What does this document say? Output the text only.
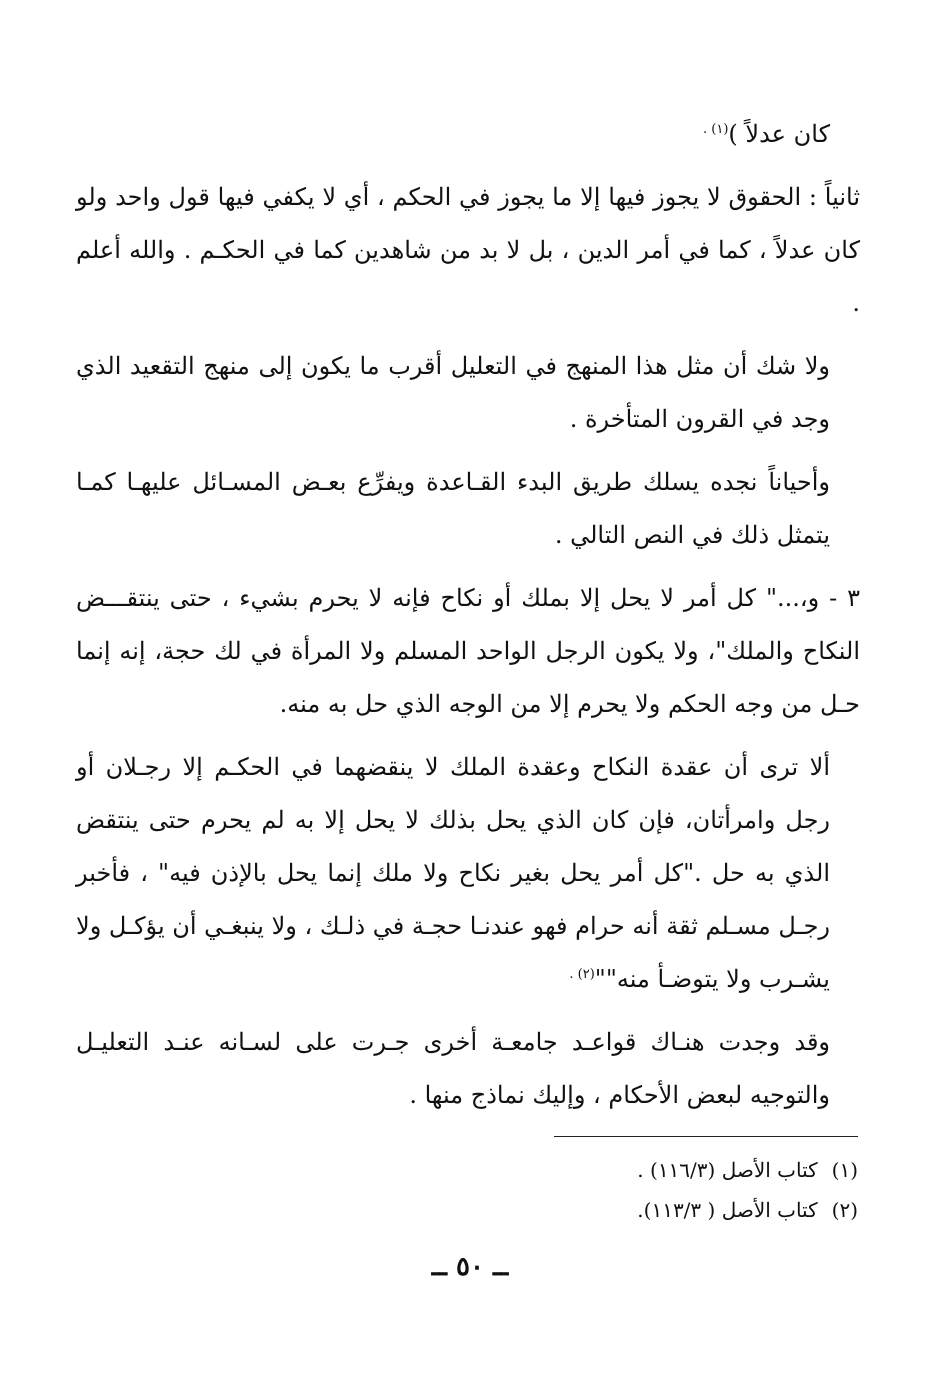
كان عدلاً )$^{(١) .}$

ثانياً : الحقوق لا يجوز فيها إلا ما يجوز في الحكم ، أي لا يكفي فيها قول واحد ولو كان عدلاً ، كما في أمر الدين ، بل لا بد من شاهدين كما في الحكـم . والله أعلم .

ولا شك أن مثل هذا المنهج في التعليل أقرب ما يكون إلى منهج التقعيد الذي وجد في القرون المتأخرة .

وأحياناً نجده يسلك طريق البدء القـاعدة ويفرِّع بعـض المسـائل عليهـا كمـا يتمثل ذلك في النص التالي .

٣ - و،..." كل أمر لا يحل إلا بملك أو نكاح فإنه لا يحرم بشيء ، حتى ينتقـــض النكاح والملك"، ولا يكون الرجل الواحد المسلم ولا المرأة في لك حجة، إنه إنما حـل من وجه الحكم ولا يحرم إلا من الوجه الذي حل به منه.

ألا ترى أن عقدة النكاح وعقدة الملك لا ينقضهما في الحكـم إلا رجـلان أو رجل وامرأتان، فإن كان الذي يحل بذلك لا يحل إلا به لم يحرم حتى ينتقض الذي به حل ."كل أمر يحل بغير نكاح ولا ملك إنما يحل بالإذن فيه" ، فأخبر رجـل مسـلم ثقة أنه حرام فهو عندنـا حجـة في ذلـك ، ولا ينبغـي أن يؤكـل ولا يشـرب ولا يتوضـأ منه""$^{(٢) .}$

وقد وجدت هنـاك قواعـد جامعـة أخرى جـرت على لسـانه عنـد التعليـل والتوجيه لبعض الأحكام ، وإليك نماذج منها .

(١)
كتاب الأصل (١١٦/٣) .
(٢)
كتاب الأصل ( ١١٣/٣).
ــ ٥٠ ــ
